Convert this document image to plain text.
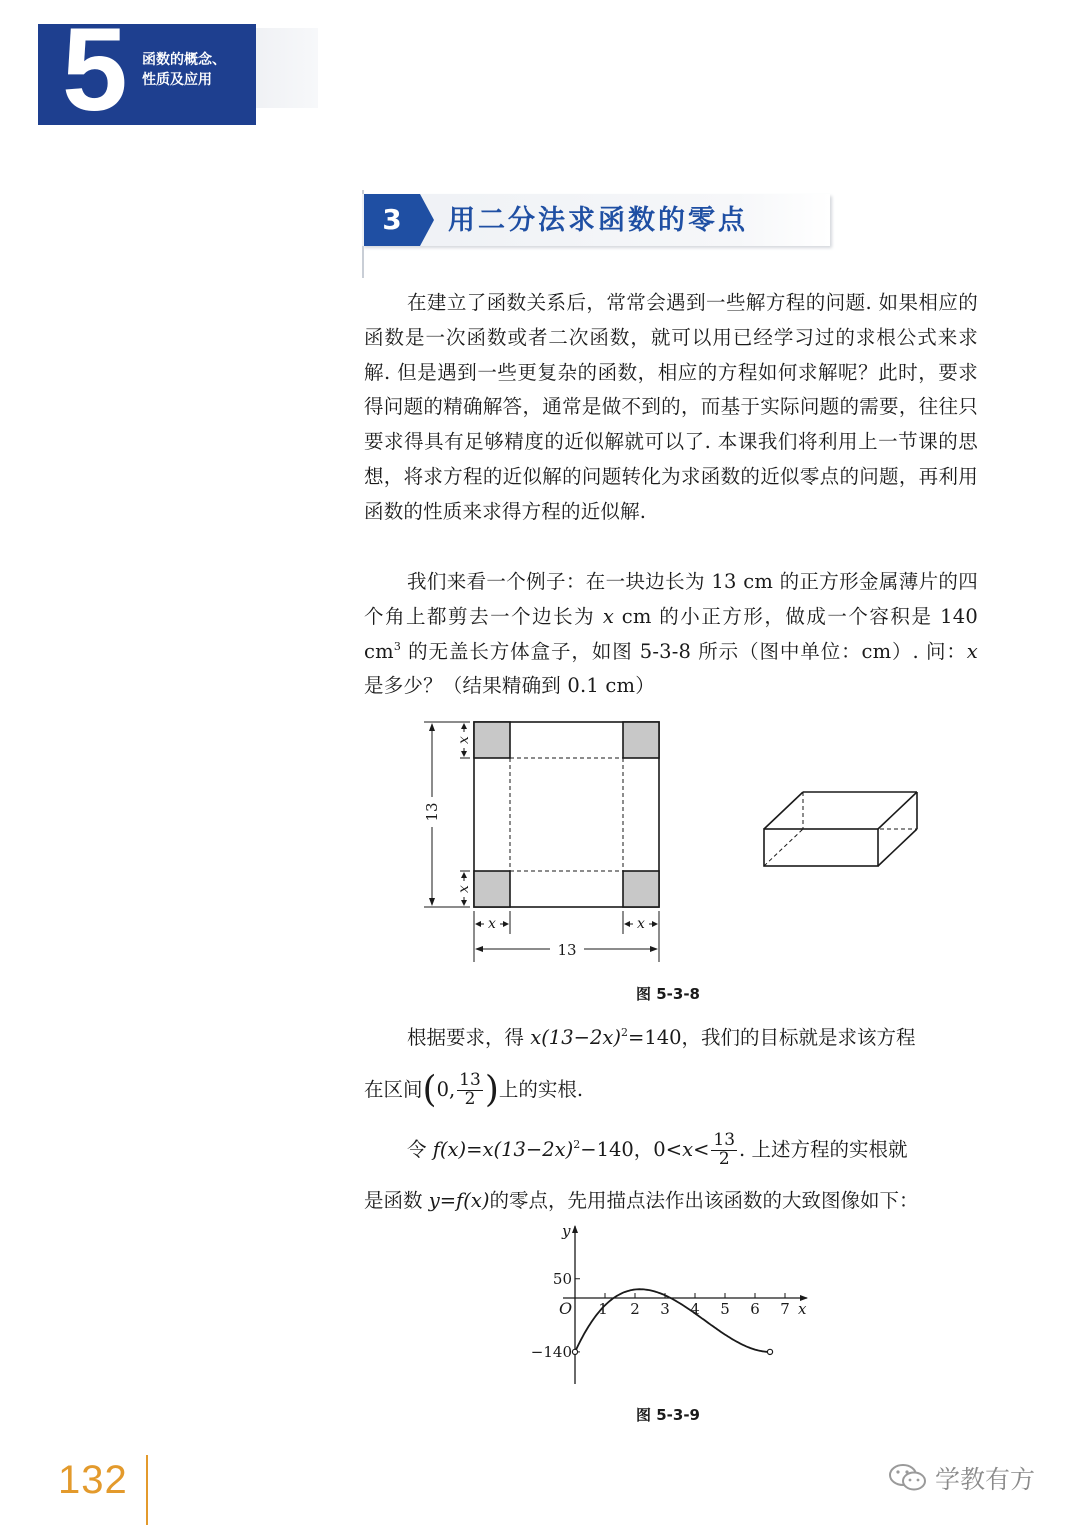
5 函数的概念、
性质及应用
3	用二分法求函数的零点

在建立了函数关系后，常常会遇到一些解方程的问题. 如果相应的函数是一次函数或者二次函数，就可以用已经学习过的求根公式来求解. 但是遇到一些更复杂的函数，相应的方程如何求解呢？此时，要求得问题的精确解答，通常是做不到的，而基于实际问题的需要，往往只要求得具有足够精度的近似解就可以了. 本课我们将利用上一节课的思想，将求方程的近似解的问题转化为求函数的近似零点的问题，再利用函数的性质来求得方程的近似解.

我们来看一个例子：在一块边长为 13 cm 的正方形金属薄片的四个角上都剪去一个边长为 x cm 的小正方形，做成一个容积是 140 $cm^3$ 的无盖长方体盒子，如图 5-3-8 所示（图中单位：cm）. 问：x 是多少？（结果精确到 0.1 cm）

13
13
x
x
x	x
图 5-3-8
根据要求，得 $x(13-2x)^2=140$，我们的目标就是求该方程
在区间(0, $\frac{13}{2}$ )上的实根.
令 $f(x)=x(13-2x)^2-140$，$0<x< \frac{13}{2}$ . 上述方程的实根就
是函数 y=f(x)的零点，先用描点法作出该函数的大致图像如下：
1 2 3 4 5 6 7
50
−140
O	x
y
图 5-3-9
132	学教有方
